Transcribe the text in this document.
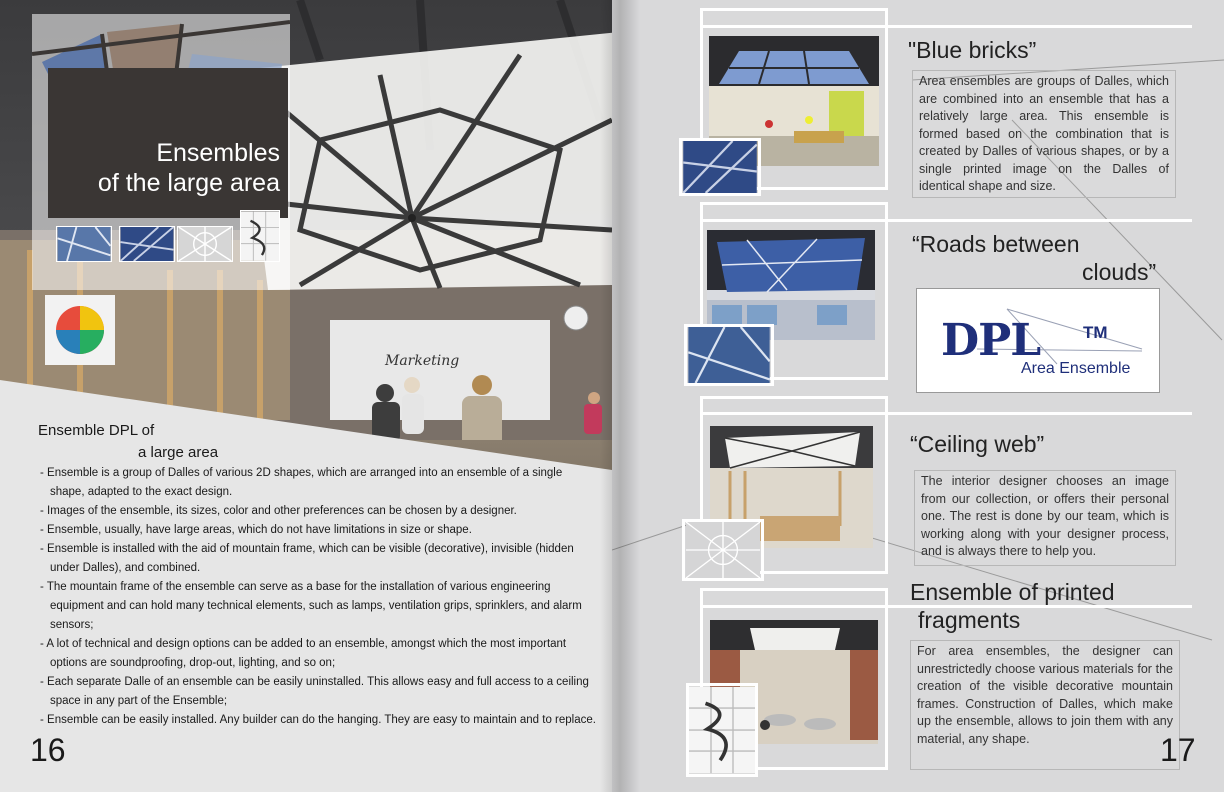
Marketing
Ensembles
of the large area
Ensemble DPL of
a large area

- Ensemble is a group of Dalles of various 2D shapes, which are arranged into an ensemble of a single shape, adapted to the exact design.

- Images of the ensemble, its sizes, color and other preferences can be chosen by a designer.

- Ensemble, usually, have large areas, which do not have limitations in size or shape.

- Ensemble is installed with the aid of mountain frame, which can be visible (decorative), invisible (hidden under Dalles), and combined.

- The mountain frame of the ensemble can serve as a base for the installation of various engineering equipment and can hold many technical elements, such as lamps, ventilation grips, sprinklers, and alarm sensors;

- A lot of technical and design options can be added to an ensemble, amongst which the most important options are soundproofing, drop-out, lighting, and so on;

- Each separate Dalle of an ensemble can be easily uninstalled. This allows easy and full access to a ceiling space in any part of the Ensemble;

- Ensemble can be easily installed. Any builder can do the hanging. They are easy to maintain and to replace.

16
"Blue bricks”
Area ensembles are groups of Dalles, which are combined into an ensemble that has a relatively large area. This ensemble is formed based on the combination that is created by Dalles of various shapes, or by a single printed image on the Dalles of identical shape and size.
“Roads between
clouds”
DPL	TM
Area Ensemble
“Ceiling web”
The interior designer chooses an image from our collection, or offers their personal one. The rest is done by our team, which is working along with your designer process, and is always there to help you.
Ensemble of printed
fragments
For area ensembles, the designer can unrestrictedly choose various materials for the creation of the visible decorative mountain frames. Construction of Dalles, which make up the ensemble, allows to join them with any material, any shape.	17
